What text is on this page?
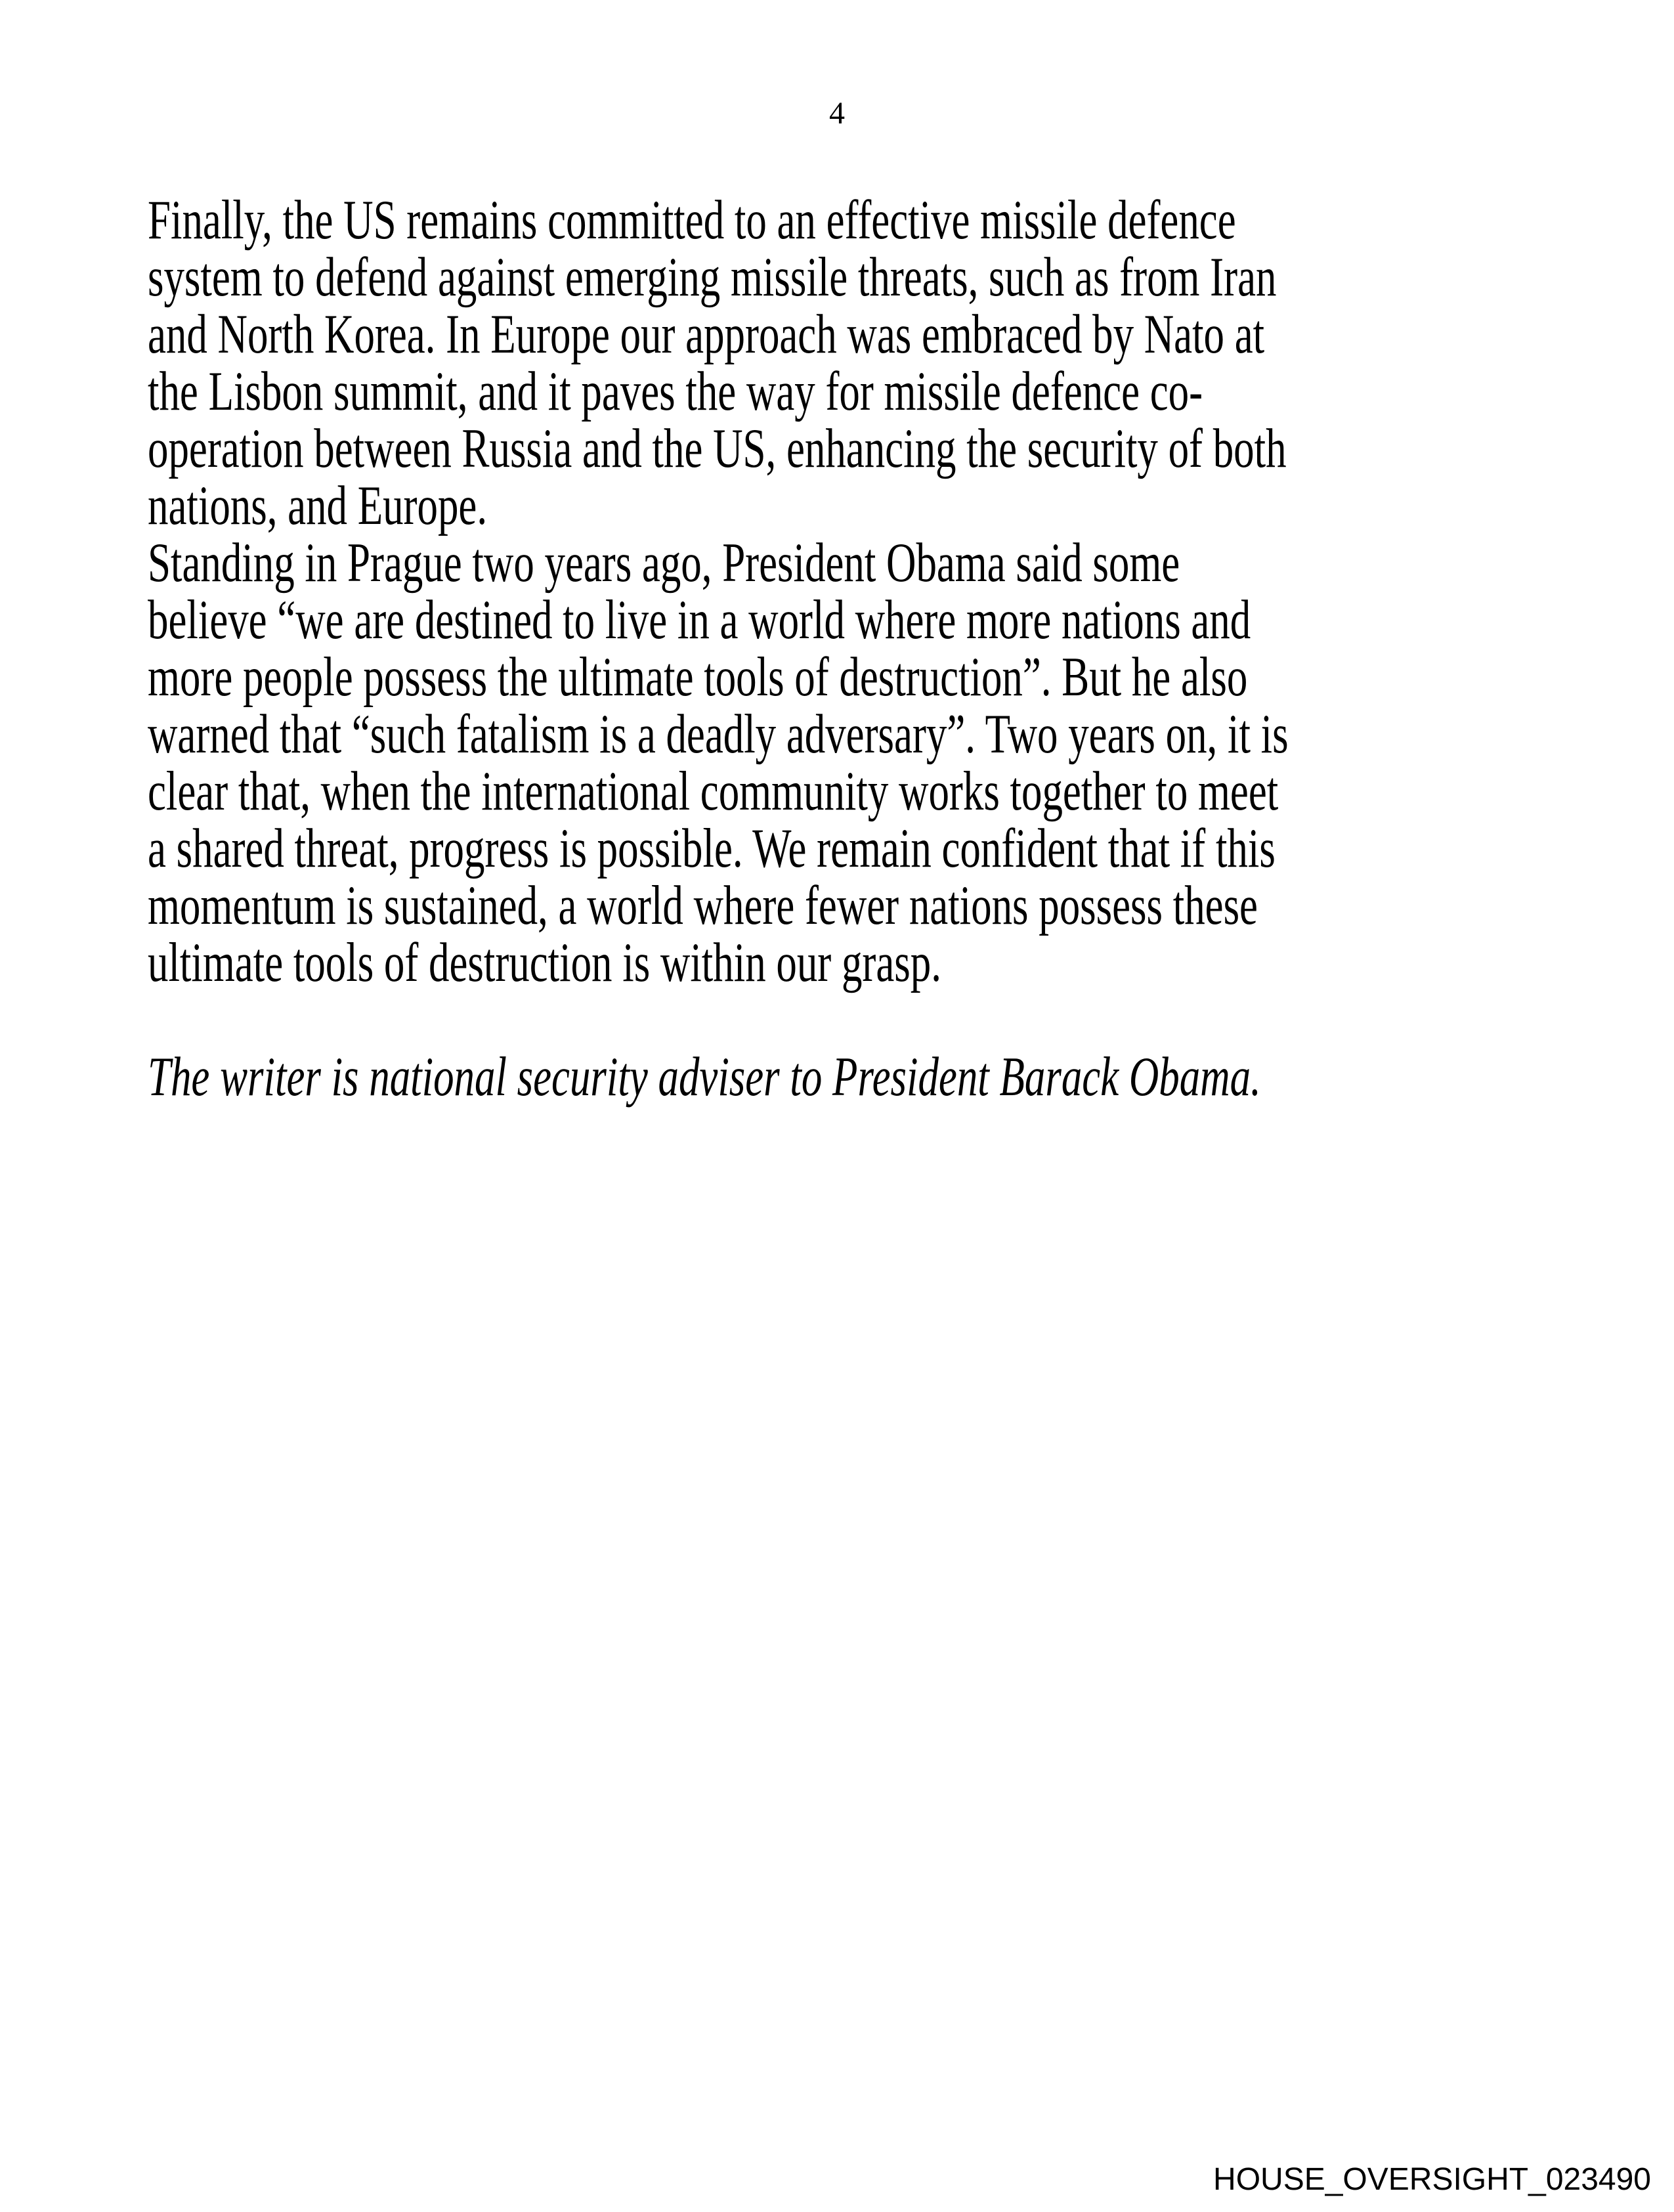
4
Finally, the US remains committed to an effective missile defence
system to defend against emerging missile threats, such as from Iran
and North Korea. In Europe our approach was embraced by Nato at
the Lisbon summit, and it paves the way for missile defence co-
operation between Russia and the US, enhancing the security of both
nations, and Europe.
Standing in Prague two years ago, President Obama said some
believe “we are destined to live in a world where more nations and
more people possess the ultimate tools of destruction”. But he also
warned that “such fatalism is a deadly adversary”. Two years on, it is
clear that, when the international community works together to meet
a shared threat, progress is possible. We remain confident that if this
momentum is sustained, a world where fewer nations possess these
ultimate tools of destruction is within our grasp.
The writer is national security adviser to President Barack Obama.
HOUSE_OVERSIGHT_023490
